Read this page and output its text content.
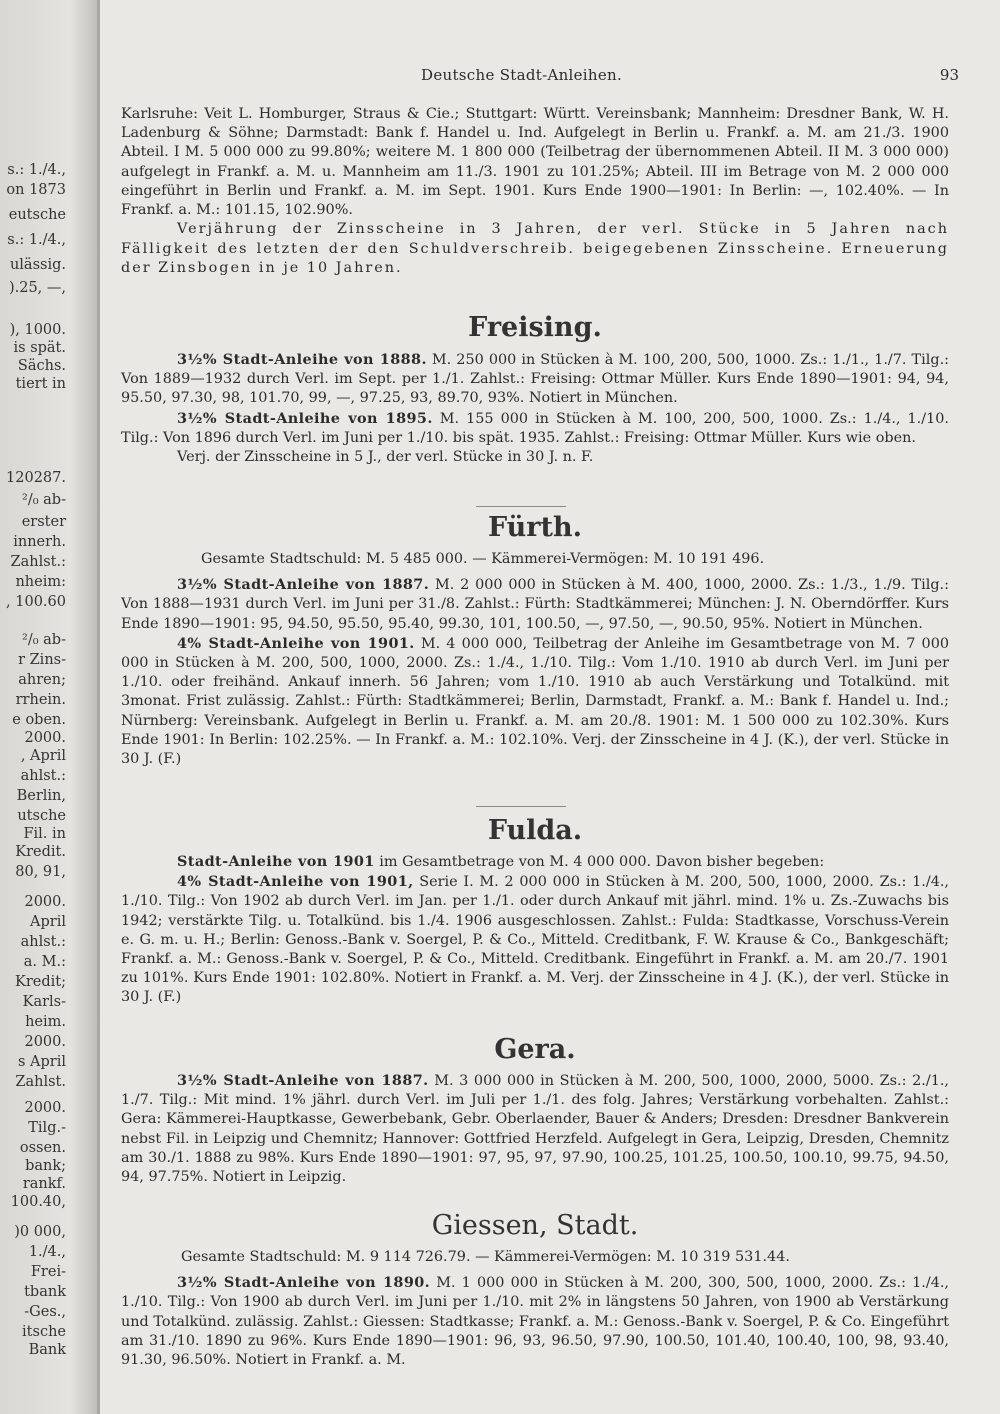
s.: 1./4.,
on 1873
eutsche
s.: 1./4.,
ulässig.
).25, —,
), 1000.
is spät.
Sächs.
tiert in
120287.
²/₀ ab-
erster
innerh.
Zahlst.:
nheim:
, 100.60
²/₀ ab-
r Zins-
ahren;
rrhein.
e oben.
2000.
, April
ahlst.:
Berlin,
utsche
Fil. in
Kredit.
80, 91,
2000.
April
ahlst.:
a. M.:
Kredit;
Karls-
heim.
2000.
s April
Zahlst.
2000.
Tilg.-
ossen.
bank;
rankf.
100.40,
)0 000,
1./4.,
Frei-
tbank
-Ges.,
itsche
Bank
Deutsche Stadt-Anleihen.	93

Karlsruhe: Veit L. Homburger, Straus & Cie.; Stuttgart: Württ. Vereinsbank; Mannheim: Dresdner Bank, W. H. Ladenburg & Söhne; Darmstadt: Bank f. Handel u. Ind. Aufgelegt in Berlin u. Frankf. a. M. am 21./3. 1900 Abteil. I M. 5 000 000 zu 99.80%; weitere M. 1 800 000 (Teilbetrag der übernommenen Abteil. II M. 3 000 000) aufgelegt in Frankf. a. M. u. Mannheim am 11./3. 1901 zu 101.25%; Abteil. III im Betrage von M. 2 000 000 eingeführt in Berlin und Frankf. a. M. im Sept. 1901. Kurs Ende 1900—1901: In Berlin: —, 102.40%. — In Frankf. a. M.: 101.15, 102.90%.

Verjährung der Zinsscheine in 3 Jahren, der verl. Stücke in 5 Jahren nach Fälligkeit des letzten der den Schuldverschreib. beigegebenen Zinsscheine. Erneuerung der Zinsbogen in je 10 Jahren.

Freising.

3½% Stadt-Anleihe von 1888. M. 250 000 in Stücken à M. 100, 200, 500, 1000. Zs.: 1./1., 1./7. Tilg.: Von 1889—1932 durch Verl. im Sept. per 1./1. Zahlst.: Freising: Ottmar Müller. Kurs Ende 1890—1901: 94, 94, 95.50, 97.30, 98, 101.70, 99, —, 97.25, 93, 89.70, 93%. Notiert in München.

3½% Stadt-Anleihe von 1895. M. 155 000 in Stücken à M. 100, 200, 500, 1000. Zs.: 1./4., 1./10. Tilg.: Von 1896 durch Verl. im Juni per 1./10. bis spät. 1935. Zahlst.: Freising: Ottmar Müller. Kurs wie oben.

Verj. der Zinsscheine in 5 J., der verl. Stücke in 30 J. n. F.

Fürth.

Gesamte Stadtschuld: M. 5 485 000. — Kämmerei-Vermögen: M. 10 191 496.

3½% Stadt-Anleihe von 1887. M. 2 000 000 in Stücken à M. 400, 1000, 2000. Zs.: 1./3., 1./9. Tilg.: Von 1888—1931 durch Verl. im Juni per 31./8. Zahlst.: Fürth: Stadtkämmerei; München: J. N. Oberndörffer. Kurs Ende 1890—1901: 95, 94.50, 95.50, 95.40, 99.30, 101, 100.50, —, 97.50, —, 90.50, 95%. Notiert in München.

4% Stadt-Anleihe von 1901. M. 4 000 000, Teilbetrag der Anleihe im Gesamtbetrage von M. 7 000 000 in Stücken à M. 200, 500, 1000, 2000. Zs.: 1./4., 1./10. Tilg.: Vom 1./10. 1910 ab durch Verl. im Juni per 1./10. oder freihänd. Ankauf innerh. 56 Jahren; vom 1./10. 1910 ab auch Verstärkung und Totalkünd. mit 3monat. Frist zulässig. Zahlst.: Fürth: Stadtkämmerei; Berlin, Darmstadt, Frankf. a. M.: Bank f. Handel u. Ind.; Nürnberg: Vereinsbank. Aufgelegt in Berlin u. Frankf. a. M. am 20./8. 1901: M. 1 500 000 zu 102.30%. Kurs Ende 1901: In Berlin: 102.25%. — In Frankf. a. M.: 102.10%. Verj. der Zinsscheine in 4 J. (K.), der verl. Stücke in 30 J. (F.)

Fulda.

Stadt-Anleihe von 1901 im Gesamtbetrage von M. 4 000 000. Davon bisher begeben:

4% Stadt-Anleihe von 1901, Serie I. M. 2 000 000 in Stücken à M. 200, 500, 1000, 2000. Zs.: 1./4., 1./10. Tilg.: Von 1902 ab durch Verl. im Jan. per 1./1. oder durch Ankauf mit jährl. mind. 1% u. Zs.-Zuwachs bis 1942; verstärkte Tilg. u. Totalkünd. bis 1./4. 1906 ausgeschlossen. Zahlst.: Fulda: Stadtkasse, Vorschuss-Verein e. G. m. u. H.; Berlin: Genoss.-Bank v. Soergel, P. & Co., Mitteld. Creditbank, F. W. Krause & Co., Bankgeschäft; Frankf. a. M.: Genoss.-Bank v. Soergel, P. & Co., Mitteld. Creditbank. Eingeführt in Frankf. a. M. am 20./7. 1901 zu 101%. Kurs Ende 1901: 102.80%. Notiert in Frankf. a. M. Verj. der Zinsscheine in 4 J. (K.), der verl. Stücke in 30 J. (F.)

Gera.

3½% Stadt-Anleihe von 1887. M. 3 000 000 in Stücken à M. 200, 500, 1000, 2000, 5000. Zs.: 2./1., 1./7. Tilg.: Mit mind. 1% jährl. durch Verl. im Juli per 1./1. des folg. Jahres; Verstärkung vorbehalten. Zahlst.: Gera: Kämmerei-Hauptkasse, Gewerbebank, Gebr. Oberlaender, Bauer & Anders; Dresden: Dresdner Bankverein nebst Fil. in Leipzig und Chemnitz; Hannover: Gottfried Herzfeld. Aufgelegt in Gera, Leipzig, Dresden, Chemnitz am 30./1. 1888 zu 98%. Kurs Ende 1890—1901: 97, 95, 97, 97.90, 100.25, 101.25, 100.50, 100.10, 99.75, 94.50, 94, 97.75%. Notiert in Leipzig.

Giessen, Stadt.

Gesamte Stadtschuld: M. 9 114 726.79. — Kämmerei-Vermögen: M. 10 319 531.44.

3½% Stadt-Anleihe von 1890. M. 1 000 000 in Stücken à M. 200, 300, 500, 1000, 2000. Zs.: 1./4., 1./10. Tilg.: Von 1900 ab durch Verl. im Juni per 1./10. mit 2% in längstens 50 Jahren, von 1900 ab Verstärkung und Totalkünd. zulässig. Zahlst.: Giessen: Stadtkasse; Frankf. a. M.: Genoss.-Bank v. Soergel, P. & Co. Eingeführt am 31./10. 1890 zu 96%. Kurs Ende 1890—1901: 96, 93, 96.50, 97.90, 100.50, 101.40, 100.40, 100, 98, 93.40, 91.30, 96.50%. Notiert in Frankf. a. M.
